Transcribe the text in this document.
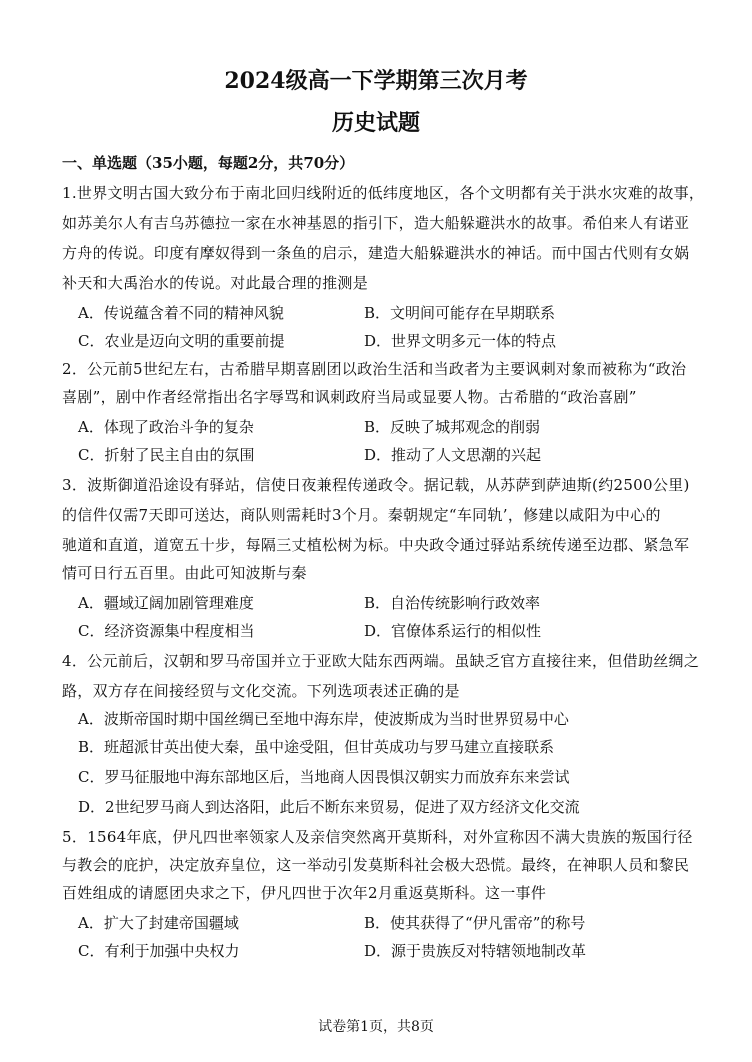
2024级高一下学期第三次月考
历史试题
一、单选题（35小题，每题2分，共70分）
1.世界文明古国大致分布于南北回归线附近的低纬度地区，各个文明都有关于洪水灾难的故事，
如苏美尔人有吉乌苏德拉一家在水神基恩的指引下，造大船躲避洪水的故事。希伯来人有诺亚
方舟的传说。印度有摩奴得到一条鱼的启示，建造大船躲避洪水的神话。而中国古代则有女娲
补天和大禹治水的传说。对此最合理的推测是
A．传说蕴含着不同的精神风貌	B．文明间可能存在早期联系
C．农业是迈向文明的重要前提	D．世界文明多元一体的特点
2．公元前5世纪左右，古希腊早期喜剧团以政治生活和当政者为主要讽刺对象而被称为“政治
喜剧”，剧中作者经常指出名字辱骂和讽刺政府当局或显要人物。古希腊的“政治喜剧”
A．体现了政治斗争的复杂	B．反映了城邦观念的削弱
C．折射了民主自由的氛围	D．推动了人文思潮的兴起
3．波斯御道沿途设有驿站，信使日夜兼程传递政令。据记载，从苏萨到萨迪斯(约2500公里)
的信件仅需7天即可送达，商队则需耗时3个月。秦朝规定“车同轨’，修建以咸阳为中心的
驰道和直道，道宽五十步，每隔三丈植松树为标。中央政令通过驿站系统传递至边郡、紧急军
情可日行五百里。由此可知波斯与秦
A．疆域辽阔加剧管理难度	B．自治传统影响行政效率
C．经济资源集中程度相当	D．官僚体系运行的相似性
4．公元前后，汉朝和罗马帝国并立于亚欧大陆东西两端。虽缺乏官方直接往来，但借助丝绸之
路，双方存在间接经贸与文化交流。下列选项表述正确的是
A．波斯帝国时期中国丝绸已至地中海东岸，使波斯成为当时世界贸易中心
B．班超派甘英出使大秦，虽中途受阻，但甘英成功与罗马建立直接联系
C．罗马征服地中海东部地区后，当地商人因畏惧汉朝实力而放弃东来尝试
D．2世纪罗马商人到达洛阳，此后不断东来贸易，促进了双方经济文化交流
5．1564年底，伊凡四世率领家人及亲信突然离开莫斯科，对外宣称因不满大贵族的叛国行径
与教会的庇护，决定放弃皇位，这一举动引发莫斯科社会极大恐慌。最终，在神职人员和黎民
百姓组成的请愿团央求之下，伊凡四世于次年2月重返莫斯科。这一事件
A．扩大了封建帝国疆域	B．使其获得了“伊凡雷帝”的称号
C．有利于加强中央权力	D．源于贵族反对特辖领地制改革
试卷第1页，共8页
